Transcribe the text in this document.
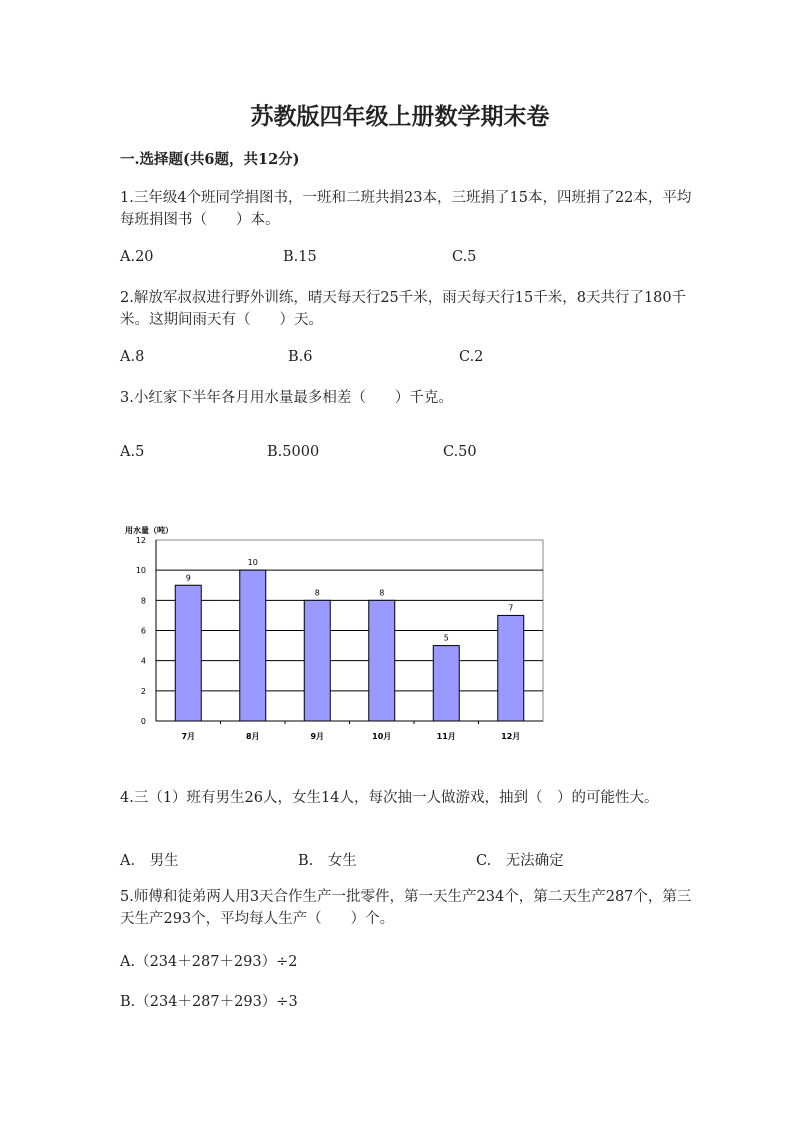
苏教版四年级上册数学期末卷
一.选择题(共6题，共12分)
1.三年级4个班同学捐图书，一班和二班共捐23本，三班捐了15本，四班捐了22本，平均每班捐图书（　　）本。
A.20	B.15	C.5
2.解放军叔叔进行野外训练，晴天每天行25千米，雨天每天行15千米，8天共行了180千米。这期间雨天有（　　）天。
A.8	B.6	C.2
3.小红家下半年各月用水量最多相差（　　）千克。
A.5	B.5000	C.50
用水量（吨）
0
2
4
6
8
10
12
9
7月
10
8月
8
9月
8
10月
5
11月
7
12月
4.三（1）班有男生26人，女生14人，每次抽一人做游戏，抽到（　）的可能性大。
A.　男生	B.　女生	C.　无法确定
5.师傅和徒弟两人用3天合作生产一批零件，第一天生产234个，第二天生产287个，第三天生产293个，平均每人生产（　　）个。
A.（234＋287＋293）÷2
B.（234＋287＋293）÷3
